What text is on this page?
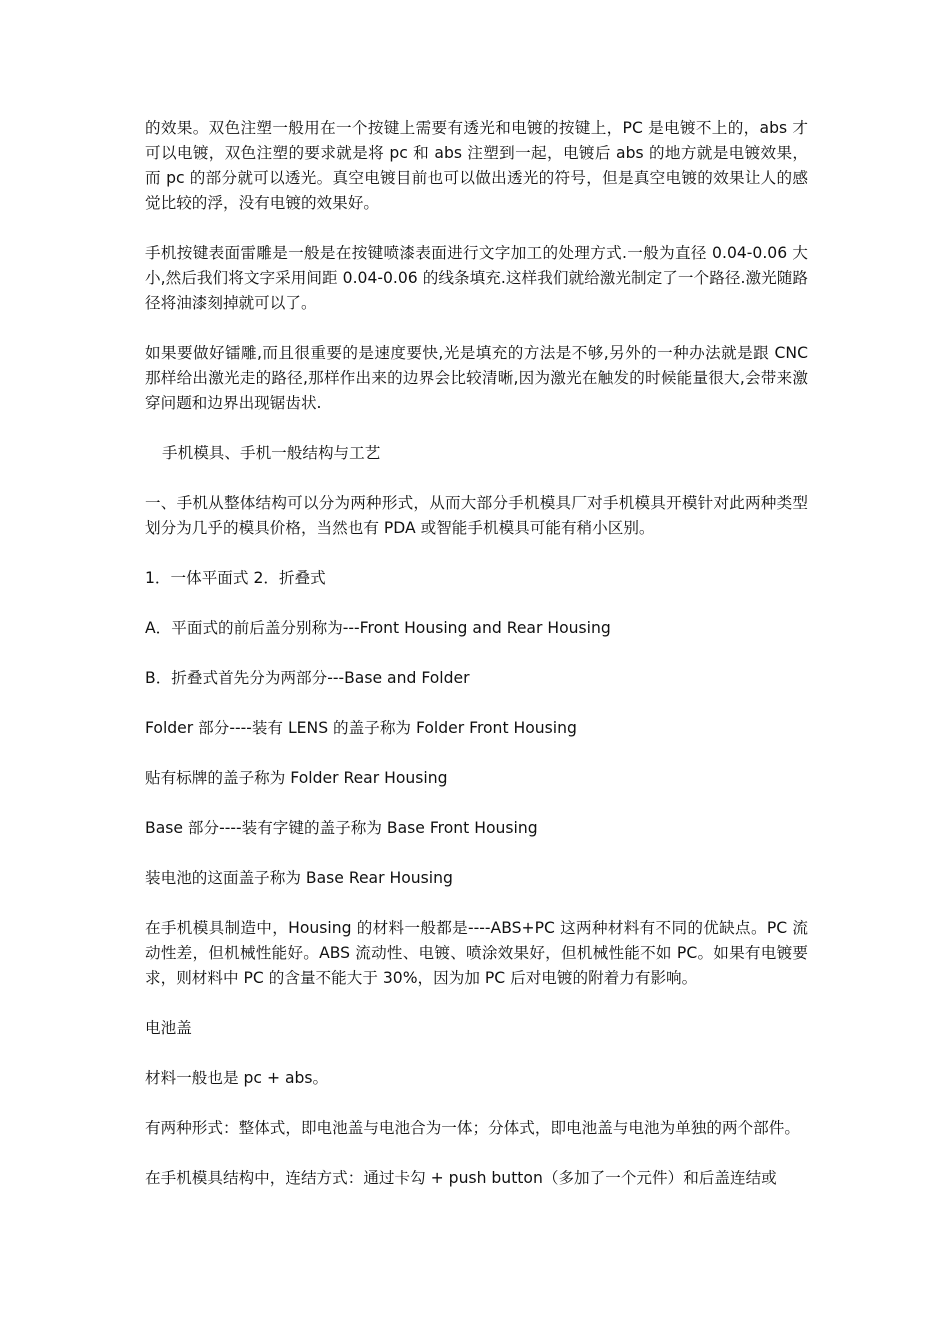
的效果。双色注塑一般用在一个按键上需要有透光和电镀的按键上，PC 是电镀不上的，abs 才可以电镀，双色注塑的要求就是将 pc 和 abs 注塑到一起，电镀后 abs 的地方就是电镀效果，而 pc 的部分就可以透光。真空电镀目前也可以做出透光的符号，但是真空电镀的效果让人的感觉比较的浮，没有电镀的效果好。

手机按键表面雷雕是一般是在按键喷漆表面进行文字加工的处理方式.一般为直径 0.04-0.06 大小,然后我们将文字采用间距 0.04-0.06 的线条填充.这样我们就给激光制定了一个路径.激光随路径将油漆刻掉就可以了。

如果要做好镭雕,而且很重要的是速度要快,光是填充的方法是不够,另外的一种办法就是跟 CNC 那样给出激光走的路径,那样作出来的边界会比较清晰,因为激光在触发的时候能量很大,会带来激穿问题和边界出现锯齿状.

手机模具、手机一般结构与工艺

一、手机从整体结构可以分为两种形式，从而大部分手机模具厂对手机模具开模针对此两种类型划分为几乎的模具价格，当然也有 PDA 或智能手机模具可能有稍小区别。

1．一体平面式 2．折叠式

A．平面式的前后盖分别称为---Front Housing and Rear Housing

B．折叠式首先分为两部分---Base and Folder

Folder 部分----装有 LENS 的盖子称为 Folder Front Housing

贴有标牌的盖子称为 Folder Rear Housing

Base 部分----装有字键的盖子称为 Base Front Housing

装电池的这面盖子称为 Base Rear Housing

在手机模具制造中，Housing 的材料一般都是----ABS+PC 这两种材料有不同的优缺点。PC 流动性差，但机械性能好。ABS 流动性、电镀、喷涂效果好，但机械性能不如 PC。如果有电镀要求，则材料中 PC 的含量不能大于 30%，因为加 PC 后对电镀的附着力有影响。

电池盖

材料一般也是 pc + abs。

有两种形式：整体式，即电池盖与电池合为一体；分体式，即电池盖与电池为单独的两个部件。

在手机模具结构中，连结方式：通过卡勾 + push button（多加了一个元件）和后盖连结或
